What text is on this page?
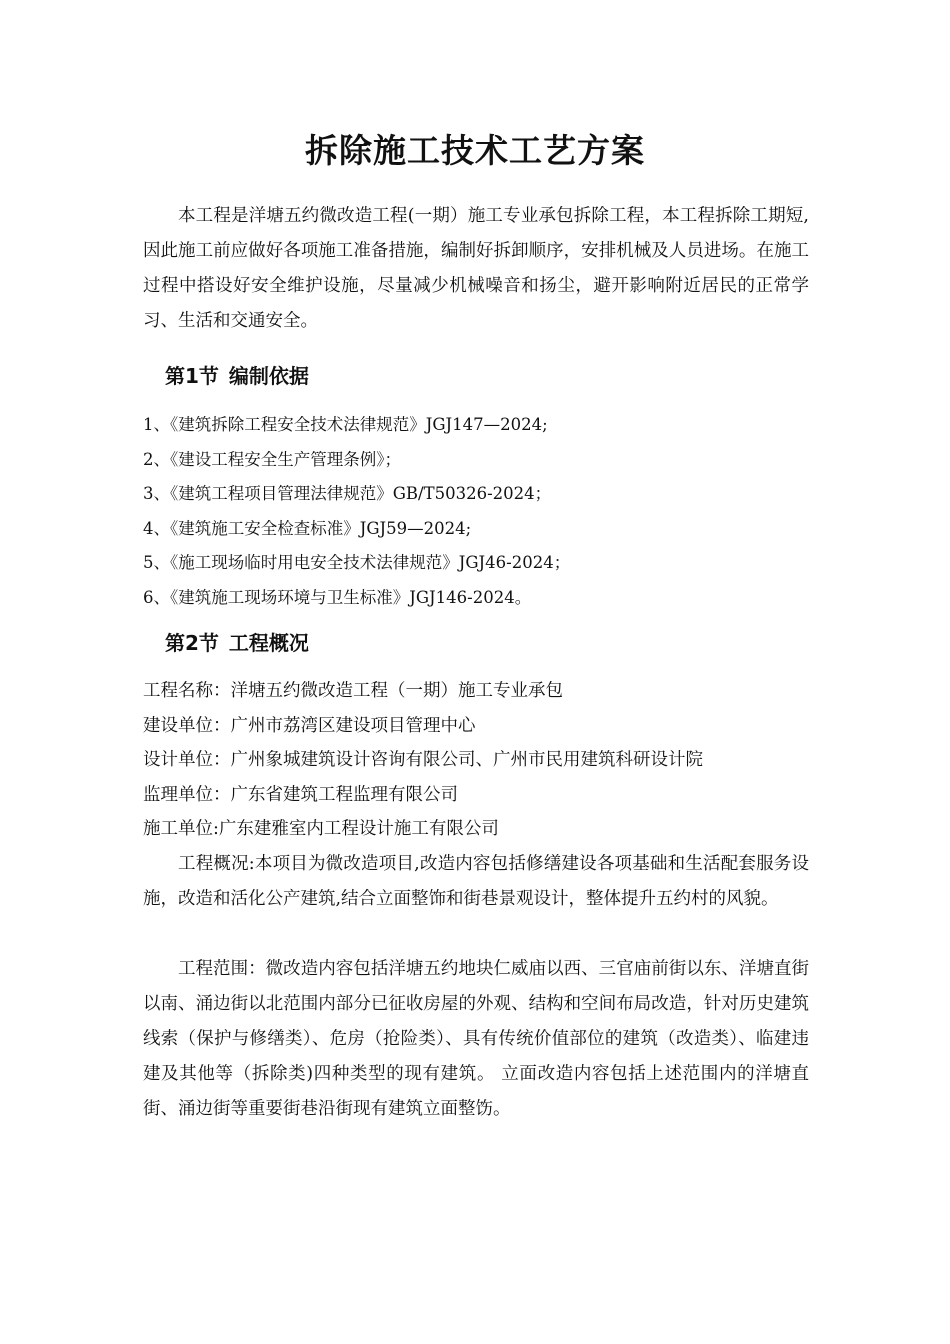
拆除施工技术工艺方案

本工程是洋塘五约微改造工程(一期）施工专业承包拆除工程，本工程拆除工期短,因此施工前应做好各项施工准备措施，编制好拆卸顺序，安排机械及人员进场。在施工过程中搭设好安全维护设施，尽量减少机械噪音和扬尘，避开影响附近居民的正常学习、生活和交通安全。

第1节 编制依据
1、《建筑拆除工程安全技术法律规范》JGJ147—2024;
2、《建设工程安全生产管理条例》；
3、《建筑工程项目管理法律规范》GB/T50326-2024；
4、《建筑施工安全检查标准》JGJ59—2024;
5、《施工现场临时用电安全技术法律规范》JGJ46-2024；
6、《建筑施工现场环境与卫生标准》JGJ146-2024。
第2节 工程概况
工程名称：洋塘五约微改造工程（一期）施工专业承包
建设单位：广州市荔湾区建设项目管理中心
设计单位：广州象城建筑设计咨询有限公司、广州市民用建筑科研设计院
监理单位：广东省建筑工程监理有限公司
施工单位:广东建雅室内工程设计施工有限公司

工程概况:本项目为微改造项目,改造内容包括修缮建设各项基础和生活配套服务设施，改造和活化公产建筑,结合立面整饰和街巷景观设计，整体提升五约村的风貌。

工程范围：微改造内容包括洋塘五约地块仁威庙以西、三官庙前街以东、洋塘直街以南、涌边街以北范围内部分已征收房屋的外观、结构和空间布局改造，针对历史建筑线索（保护与修缮类）、危房（抢险类）、具有传统价值部位的建筑（改造类）、临建违建及其他等（拆除类)四种类型的现有建筑。 立面改造内容包括上述范围内的洋塘直街、涌边街等重要街巷沿街现有建筑立面整饬。
